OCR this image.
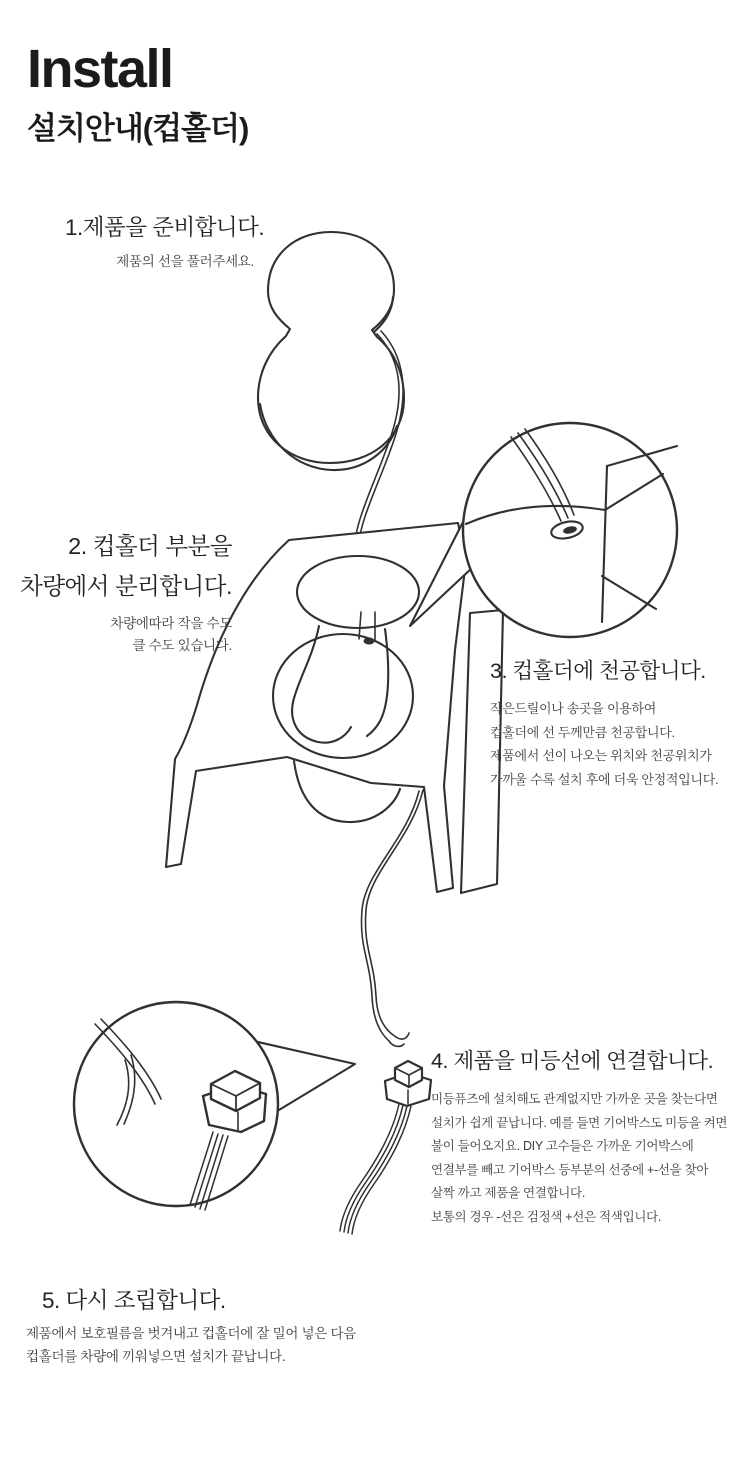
Install
설치안내(컵홀더)
1.제품을 준비합니다.
제품의 선을 풀러주세요.
2. 컵홀더 부분을
차량에서 분리합니다.
차량에따라 작을 수도
클 수도 있습니다.
3. 컵홀더에 천공합니다.
작은드릴이나 송곳을 이용하여
컵홀더에 선 두께만큼 천공합니다.
제품에서 선이 나오는 위치와 천공위치가
가까울 수록 설치 후에 더욱 안정적입니다.
4. 제품을 미등선에 연결합니다.
미등퓨즈에 설치해도 관계없지만 가까운 곳을 찾는다면
설치가 쉽게 끝납니다. 예를 들면 기어박스도 미등을 켜면
불이 들어오지요. DIY 고수들은 가까운 기어박스에
연결부를 빼고 기어박스 등부분의 선중에 +-선을 찾아
살짝 까고 제품을 연결합니다.
보통의 경우 -선은 검정색 +선은 적색입니다.
5. 다시 조립합니다.
제품에서 보호필름을 벗겨내고 컵홀더에 잘 밀어 넣은 다음
컵홀더를 차량에 끼워넣으면 설치가 끝납니다.
